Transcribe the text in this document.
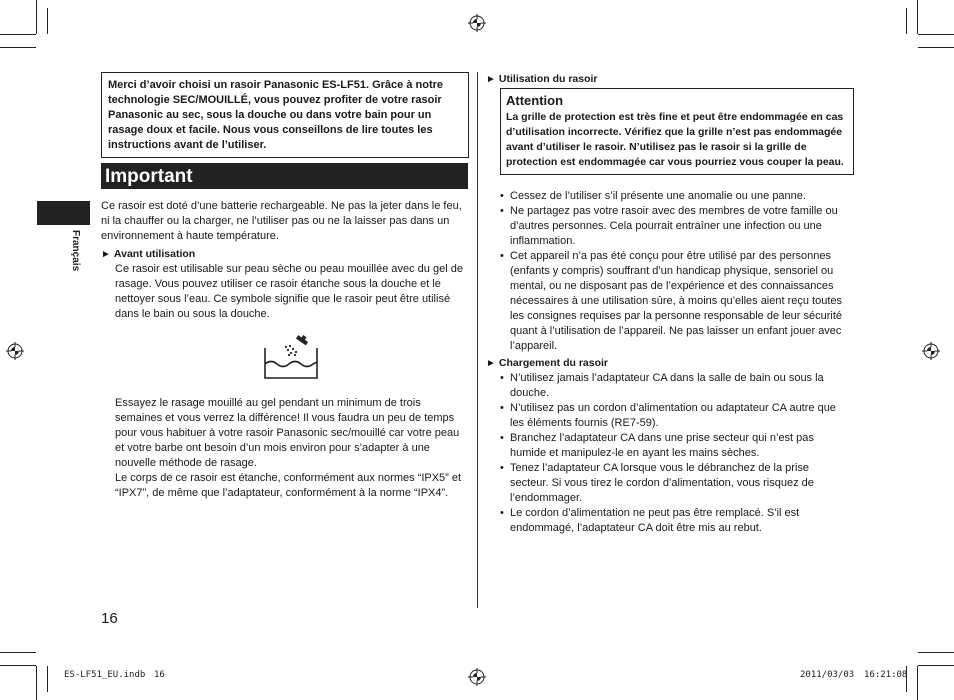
Français
Merci d’avoir choisi un rasoir Panasonic ES-LF51. Grâce à notre technologie SEC/MOUILLÉ, vous pouvez profiter de votre rasoir Panasonic au sec, sous la douche ou dans votre bain pour un rasage doux et facile. Nous vous conseillons de lire toutes les instructions avant de l’utiliser.
Important
Ce rasoir est doté d’une batterie rechargeable. Ne pas la jeter dans le feu, ni la chauffer ou la charger, ne l’utiliser pas ou ne la laisser pas dans un environnement à haute température.
► Avant utilisation
Ce rasoir est utilisable sur peau sèche ou peau mouillée avec du gel de rasage. Vous pouvez utiliser ce rasoir étanche sous la douche et le nettoyer sous l’eau. Ce symbole signifie que le rasoir peut être utilisé dans le bain ou sous la douche.
Essayez le rasage mouillé au gel pendant un minimum de trois semaines et vous verrez la différence! Il vous faudra un peu de temps pour vous habituer à votre rasoir Panasonic sec/mouillé car votre peau et votre barbe ont besoin d’un mois environ pour s’adapter à une nouvelle méthode de rasage.
Le corps de ce rasoir est étanche, conformément aux normes “IPX5” et “IPX7”, de même que l’adaptateur, conformément à la norme “IPX4”.
16
► Utilisation du rasoir
Attention
La grille de protection est très fine et peut être endommagée en cas d’utilisation incorrecte. Vérifiez que la grille n’est pas endommagée avant d’utiliser le rasoir. N’utilisez pas le rasoir si la grille de protection est endommagée car vous pourriez vous couper la peau.
• Cessez de l’utiliser s’il présente une anomalie ou une panne.
• Ne partagez pas votre rasoir avec des membres de votre famille ou d’autres personnes. Cela pourrait entraîner une infection ou une inflammation.
• Cet appareil n’a pas été conçu pour être utilisé par des personnes (enfants y compris) souffrant d’un handicap physique, sensoriel ou mental, ou ne disposant pas de l’expérience et des connaissances nécessaires à une utilisation sûre, à moins qu’elles aient reçu toutes les consignes requises par la personne responsable de leur sécurité quant à l’utilisation de l’appareil. Ne pas laisser un enfant jouer avec l’appareil.
► Chargement du rasoir
• N’utilisez jamais l’adaptateur CA dans la salle de bain ou sous la douche.
• N’utilisez pas un cordon d’alimentation ou adaptateur CA autre que les éléments fournis (RE7-59).
• Branchez l’adaptateur CA dans une prise secteur qui n’est pas humide et manipulez-le en ayant les mains sèches.
• Tenez l’adaptateur CA lorsque vous le débranchez de la prise secteur. Si vous tirez le cordon d’alimentation, vous risquez de l’endommager.
• Le cordon d’alimentation ne peut pas être remplacé. S’il est endommagé, l’adaptateur CA doit être mis au rebut.
ES-LF51_EU.indb 16	2011/03/03 16:21:08
